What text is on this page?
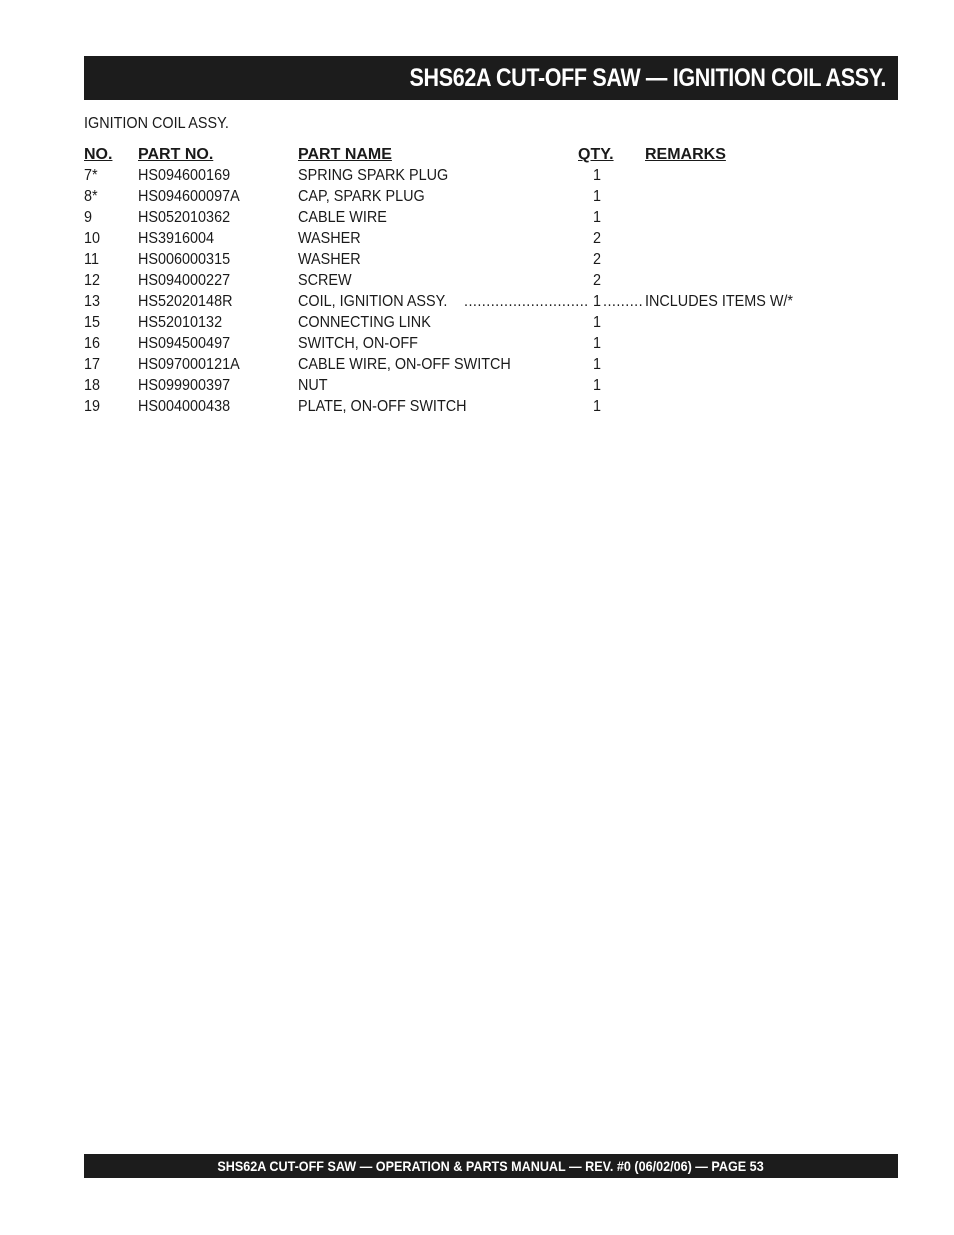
SHS62A CUT-OFF SAW — IGNITION COIL ASSY.
IGNITION COIL ASSY.
NO. PART NO.	PART NAME	QTY. REMARKS
7*	HS094600169	SPRING SPARK PLUG	1
8*	HS094600097A	CAP, SPARK PLUG	1
9	HS052010362	CABLE WIRE	1
10 HS3916004	WASHER	2
11 HS006000315	WASHER	2
12 HS094000227	SCREW	2
13 HS52020148R	COIL, IGNITION ASSY. ............................ 1 ......... INCLUDES ITEMS W/*
15 HS52010132	CONNECTING LINK	1
16 HS094500497	SWITCH, ON-OFF	1
17 HS097000121A	CABLE WIRE, ON-OFF SWITCH	1
18 HS099900397	NUT	1
19 HS004000438	PLATE, ON-OFF SWITCH	1
SHS62A CUT-OFF SAW — OPERATION & PARTS MANUAL — REV. #0 (06/02/06) — PAGE 53
